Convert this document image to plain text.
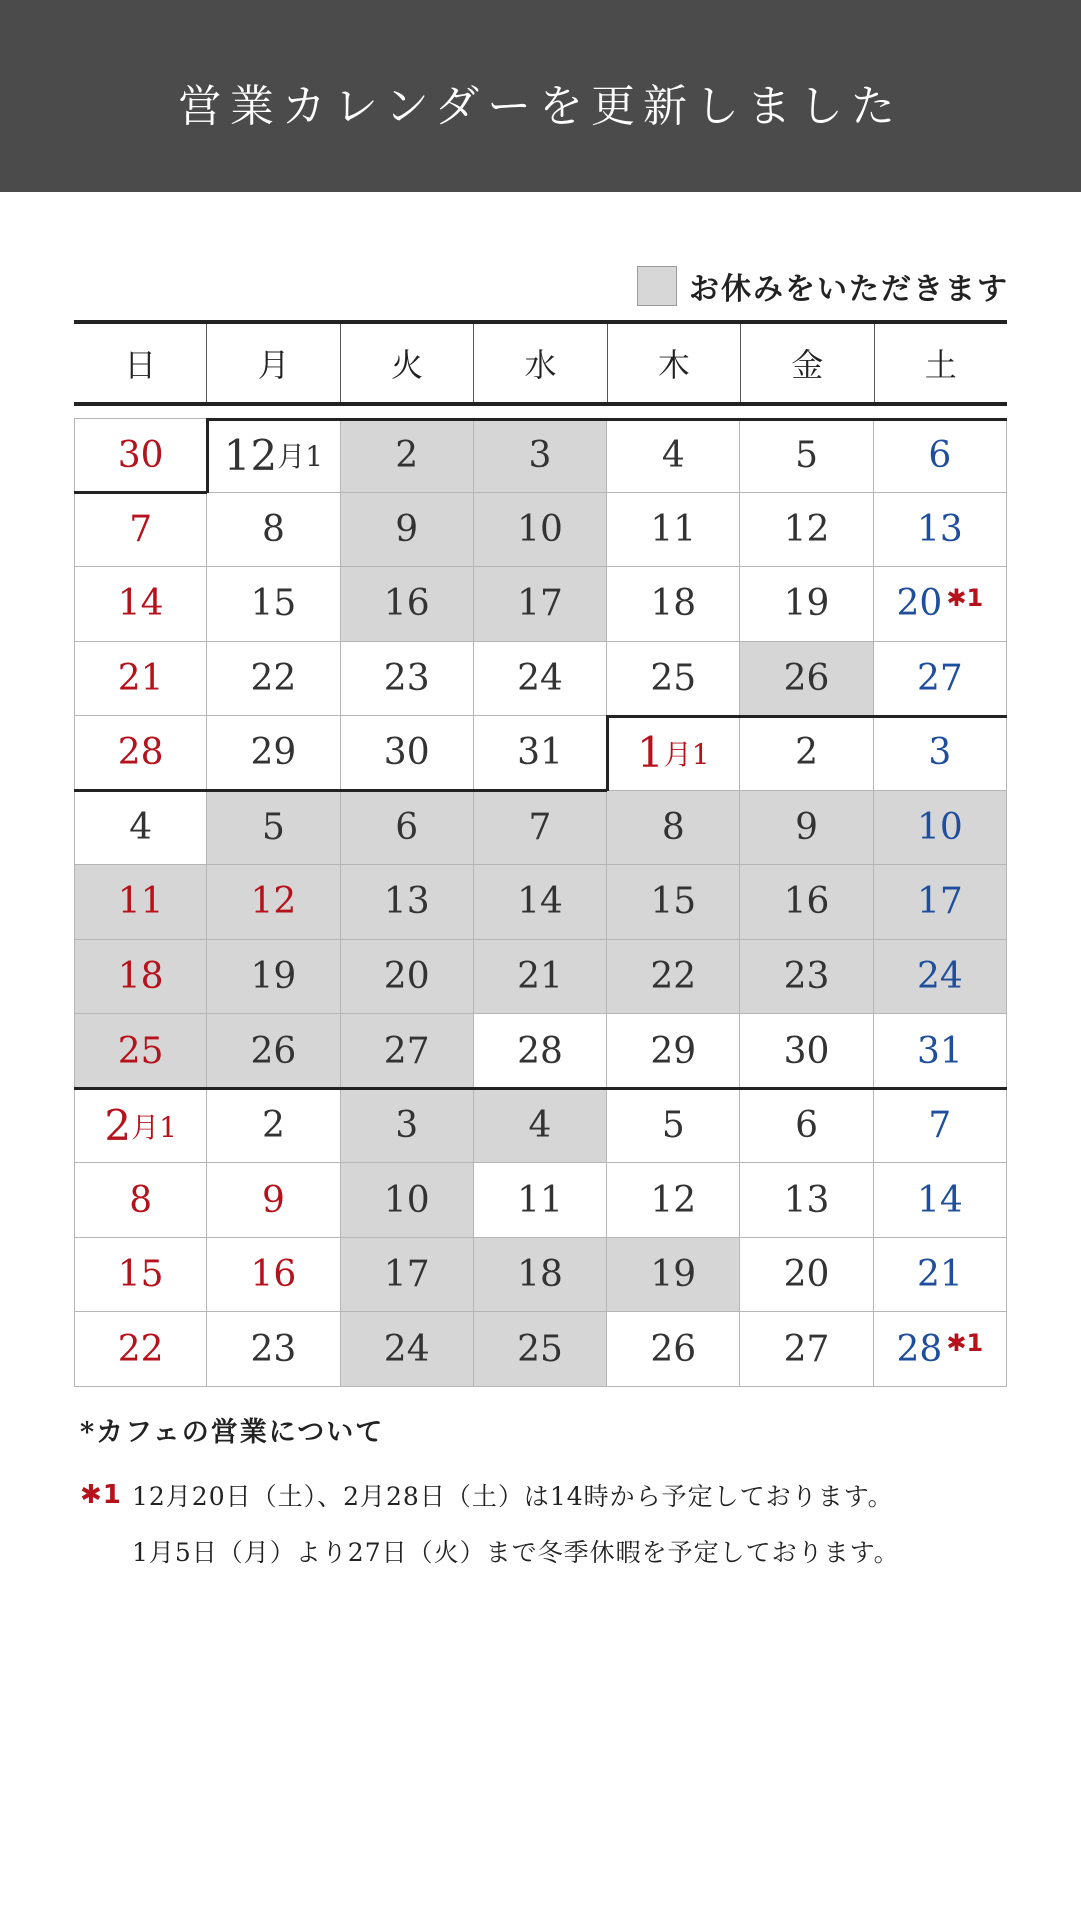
営業カレンダーを更新しました
お休みをいただきます
日	月	火	水	木	金	土
30 12 月1 2	3	4	5	6
7	8	9	10 11 12 13
14 15 16 17 18 19 20 ✱1
21 22 23 24 25 26 27
28 29 30 31 1 月1 2	3
4	5	6	7	8	9	10
11 12 13 14 15 16 17
18 19 20 21 22 23 24
25 26 27 28 29 30 31
2 月1 2	3	4	5	6	7
8	9	10 11 12 13 14
15 16 17 18 19 20 21
22 23 24 25 26 27 28 ✱1
*カフェの営業について
✱1 12月20日（土）、2月28日（土）は14時から予定しております。
1月5日（月）より27日（火）まで冬季休暇を予定しております。
